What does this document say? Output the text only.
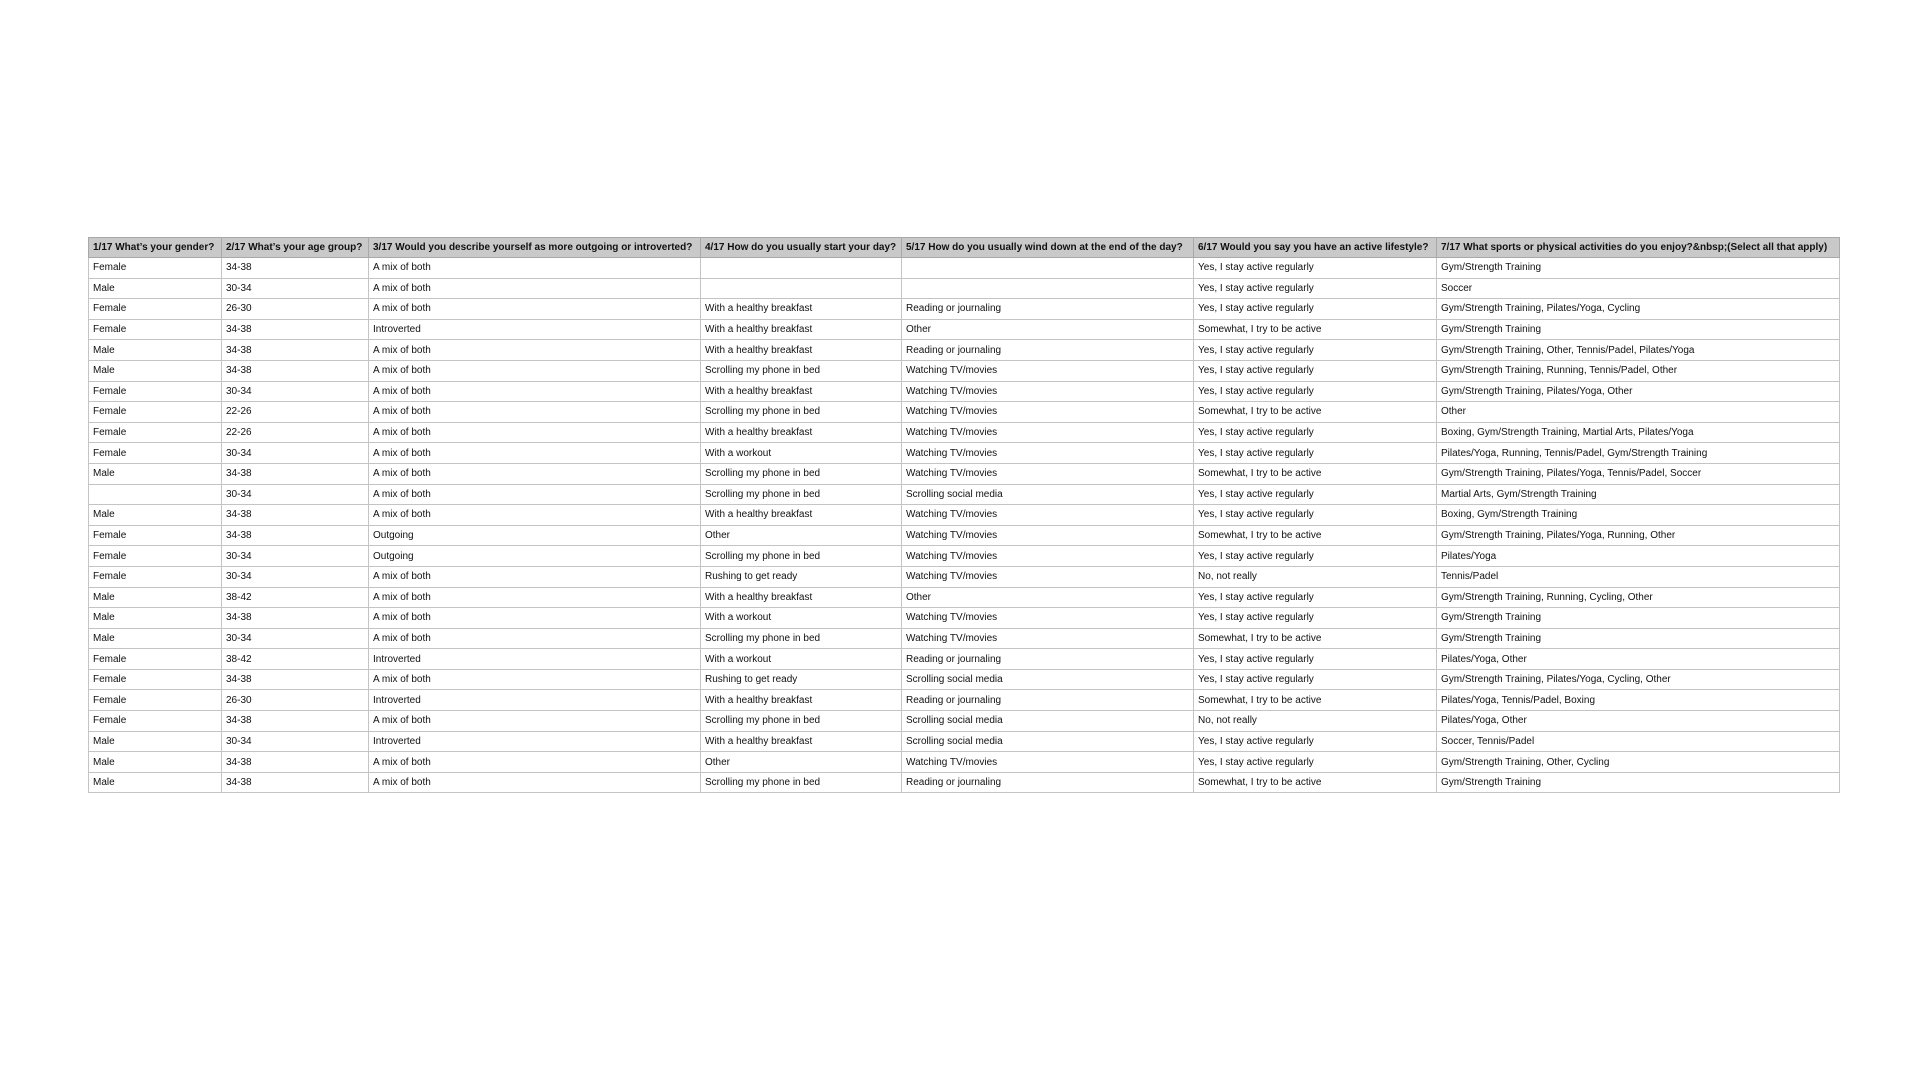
1/17 What’s your gender?	2/17 What’s your age group?	3/17 Would you describe yourself as more outgoing or introverted?	4/17 How do you usually start your day?	5/17 How do you usually wind down at the end of the day?	6/17 Would you say you have an active lifestyle?	7/17 What sports or physical activities do you enjoy?&nbsp;(Select all that apply)
Female	34-38	A mix of both			Yes, I stay active regularly	Gym/Strength Training
Male	30-34	A mix of both			Yes, I stay active regularly	Soccer
Female	26-30	A mix of both	With a healthy breakfast	Reading or journaling	Yes, I stay active regularly	Gym/Strength Training, Pilates/Yoga, Cycling
Female	34-38	Introverted	With a healthy breakfast	Other	Somewhat, I try to be active	Gym/Strength Training
Male	34-38	A mix of both	With a healthy breakfast	Reading or journaling	Yes, I stay active regularly	Gym/Strength Training, Other, Tennis/Padel, Pilates/Yoga
Male	34-38	A mix of both	Scrolling my phone in bed	Watching TV/movies	Yes, I stay active regularly	Gym/Strength Training, Running, Tennis/Padel, Other
Female	30-34	A mix of both	With a healthy breakfast	Watching TV/movies	Yes, I stay active regularly	Gym/Strength Training, Pilates/Yoga, Other
Female	22-26	A mix of both	Scrolling my phone in bed	Watching TV/movies	Somewhat, I try to be active	Other
Female	22-26	A mix of both	With a healthy breakfast	Watching TV/movies	Yes, I stay active regularly	Boxing, Gym/Strength Training, Martial Arts, Pilates/Yoga
Female	30-34	A mix of both	With a workout	Watching TV/movies	Yes, I stay active regularly	Pilates/Yoga, Running, Tennis/Padel, Gym/Strength Training
Male	34-38	A mix of both	Scrolling my phone in bed	Watching TV/movies	Somewhat, I try to be active	Gym/Strength Training, Pilates/Yoga, Tennis/Padel, Soccer
	30-34	A mix of both	Scrolling my phone in bed	Scrolling social media	Yes, I stay active regularly	Martial Arts, Gym/Strength Training
Male	34-38	A mix of both	With a healthy breakfast	Watching TV/movies	Yes, I stay active regularly	Boxing, Gym/Strength Training
Female	34-38	Outgoing	Other	Watching TV/movies	Somewhat, I try to be active	Gym/Strength Training, Pilates/Yoga, Running, Other
Female	30-34	Outgoing	Scrolling my phone in bed	Watching TV/movies	Yes, I stay active regularly	Pilates/Yoga
Female	30-34	A mix of both	Rushing to get ready	Watching TV/movies	No, not really	Tennis/Padel
Male	38-42	A mix of both	With a healthy breakfast	Other	Yes, I stay active regularly	Gym/Strength Training, Running, Cycling, Other
Male	34-38	A mix of both	With a workout	Watching TV/movies	Yes, I stay active regularly	Gym/Strength Training
Male	30-34	A mix of both	Scrolling my phone in bed	Watching TV/movies	Somewhat, I try to be active	Gym/Strength Training
Female	38-42	Introverted	With a workout	Reading or journaling	Yes, I stay active regularly	Pilates/Yoga, Other
Female	34-38	A mix of both	Rushing to get ready	Scrolling social media	Yes, I stay active regularly	Gym/Strength Training, Pilates/Yoga, Cycling, Other
Female	26-30	Introverted	With a healthy breakfast	Reading or journaling	Somewhat, I try to be active	Pilates/Yoga, Tennis/Padel, Boxing
Female	34-38	A mix of both	Scrolling my phone in bed	Scrolling social media	No, not really	Pilates/Yoga, Other
Male	30-34	Introverted	With a healthy breakfast	Scrolling social media	Yes, I stay active regularly	Soccer, Tennis/Padel
Male	34-38	A mix of both	Other	Watching TV/movies	Yes, I stay active regularly	Gym/Strength Training, Other, Cycling
Male	34-38	A mix of both	Scrolling my phone in bed	Reading or journaling	Somewhat, I try to be active	Gym/Strength Training
